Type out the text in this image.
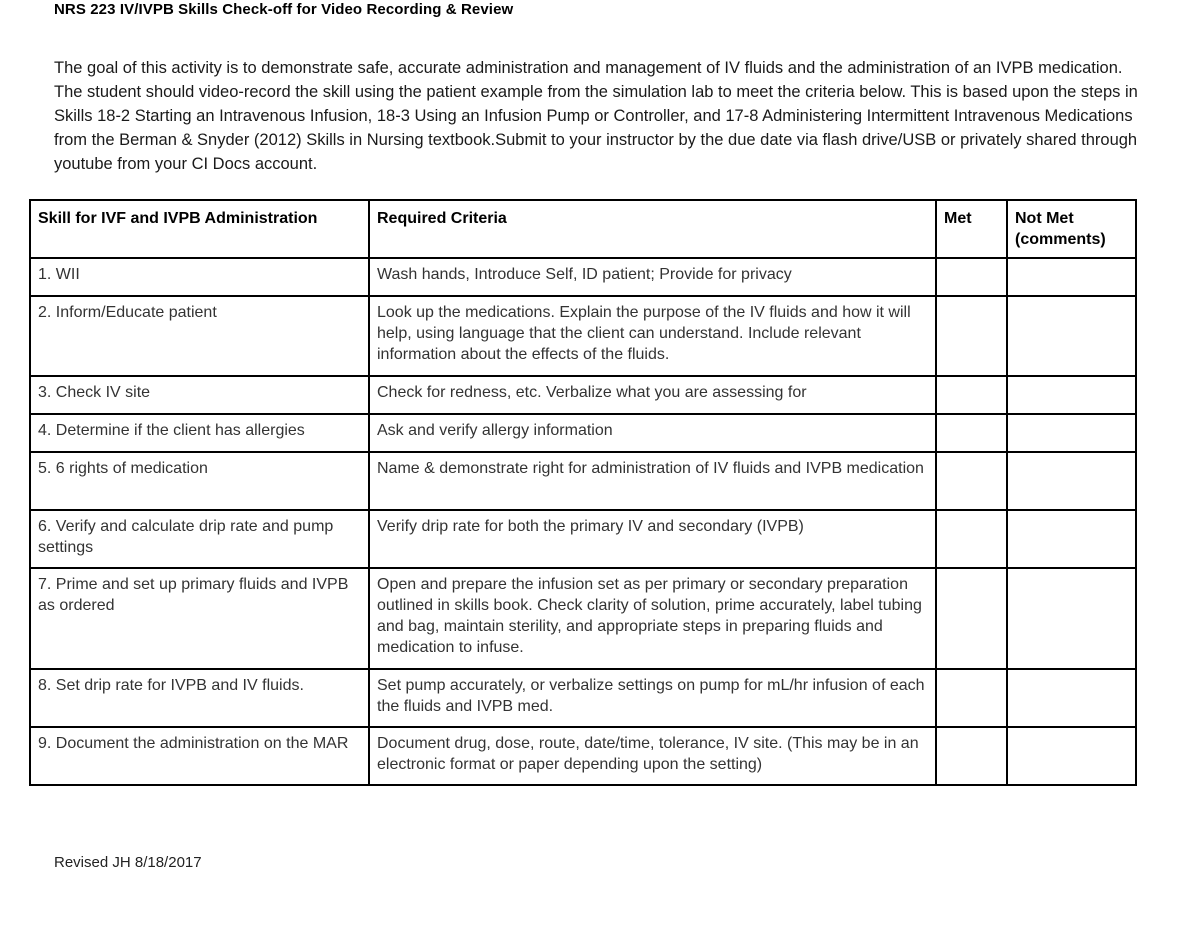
NRS 223 IV/IVPB Skills Check-off for Video Recording & Review
The goal of this activity is to demonstrate safe, accurate administration and management of IV fluids and the administration of an IVPB medication. The student should video-record the skill using the patient example from the simulation lab to meet the criteria below. This is based upon the steps in Skills 18-2 Starting an Intravenous Infusion, 18-3 Using an Infusion Pump or Controller, and 17-8 Administering Intermittent Intravenous Medications from the Berman & Snyder (2012) Skills in Nursing textbook.Submit to your instructor by the due date via flash drive/USB or privately shared through youtube from your CI Docs account.
Skill for IVF and IVPB Administration	Required Criteria	Met	Not Met (comments)
1. WII	Wash hands, Introduce Self, ID patient; Provide for privacy		
2. Inform/Educate patient	Look up the medications. Explain the purpose of the IV fluids and how it will help, using language that the client can understand. Include relevant information about the effects of the fluids.		
3. Check IV site	Check for redness, etc. Verbalize what you are assessing for		
4. Determine if the client has allergies	Ask and verify allergy information		
5. 6 rights of medication	Name & demonstrate right for administration of IV fluids and IVPB medication		
6. Verify and calculate drip rate and pump settings	Verify drip rate for both the primary IV and secondary (IVPB)		
7. Prime and set up primary fluids and IVPB as ordered	Open and prepare the infusion set as per primary or secondary preparation outlined in skills book. Check clarity of solution, prime accurately, label tubing and bag, maintain sterility, and appropriate steps in preparing fluids and medication to infuse.		
8. Set drip rate for IVPB and IV fluids.	Set pump accurately, or verbalize settings on pump for mL/hr infusion of each the fluids and IVPB med.		
9. Document the administration on the MAR	Document drug, dose, route, date/time, tolerance, IV site. (This may be in an electronic format or paper depending upon the setting)		
Revised JH 8/18/2017
